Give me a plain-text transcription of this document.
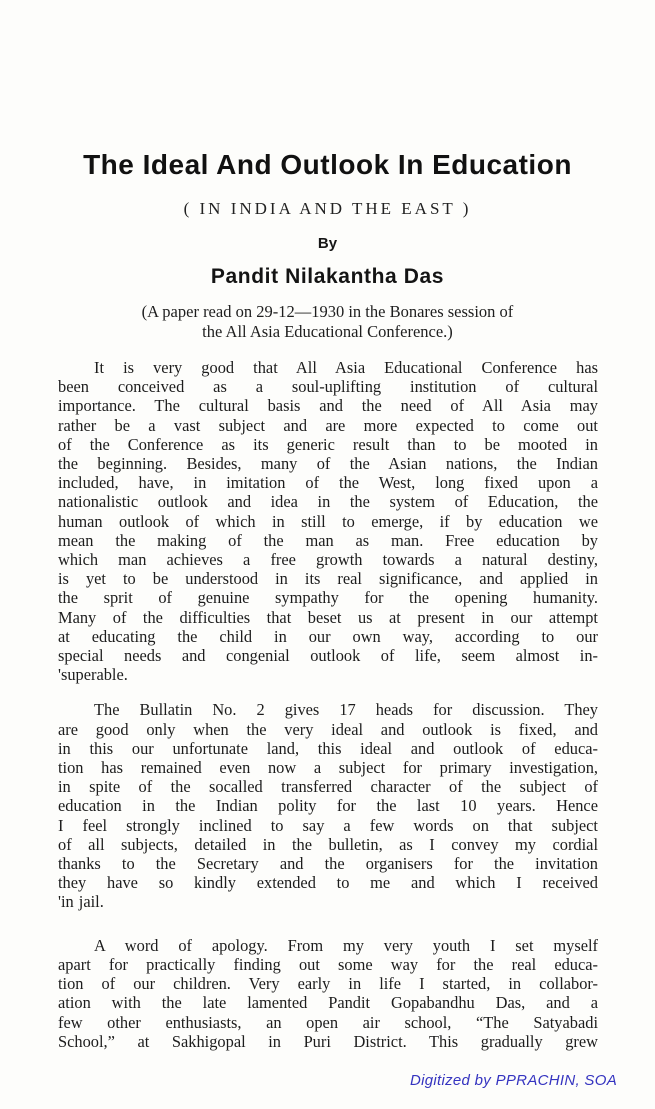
The Ideal And Outlook In Education
( IN INDIA AND THE EAST )
By
Pandit Nilakantha Das
(A paper read on 29-12—1930 in the Bonares session of
the All Asia Educational Conference.)
It is very good that All Asia Educational Conference has
been conceived as a soul-uplifting institution of cultural
importance. The cultural basis and the need of All Asia may
rather be a vast subject and are more expected to come out
of the Conference as its generic result than to be mooted in
the beginning. Besides, many of the Asian nations, the Indian
included, have, in imitation of the West, long fixed upon a
nationalistic outlook and idea in the system of Education, the
human outlook of which in still to emerge, if by education we
mean the making of the man as man. Free education by
which man achieves a free growth towards a natural destiny,
is yet to be understood in its real significance, and applied in
the sprit of genuine sympathy for the opening humanity.
Many of the difficulties that beset us at present in our attempt
at educating the child in our own way, according to our
special needs and congenial outlook of life, seem almost in-
'superable.
The Bullatin No. 2 gives 17 heads for discussion. They
are good only when the very ideal and outlook is fixed, and
in this our unfortunate land, this ideal and outlook of educa-
tion has remained even now a subject for primary investigation,
in spite of the socalled transferred character of the subject of
education in the Indian polity for the last 10 years. Hence
I feel strongly inclined to say a few words on that subject
of all subjects, detailed in the bulletin, as I convey my cordial
thanks to the Secretary and the organisers for the invitation
they have so kindly extended to me and which I received
'in jail.
A word of apology. From my very youth I set myself
apart for practically finding out some way for the real educa-
tion of our children. Very early in life I started, in collabor-
ation with the late lamented Pandit Gopabandhu Das, and a
few other enthusiasts, an open air school, “The Satyabadi
School,” at Sakhigopal in Puri District. This gradually grew
Digitized by PPRACHIN, SOA
